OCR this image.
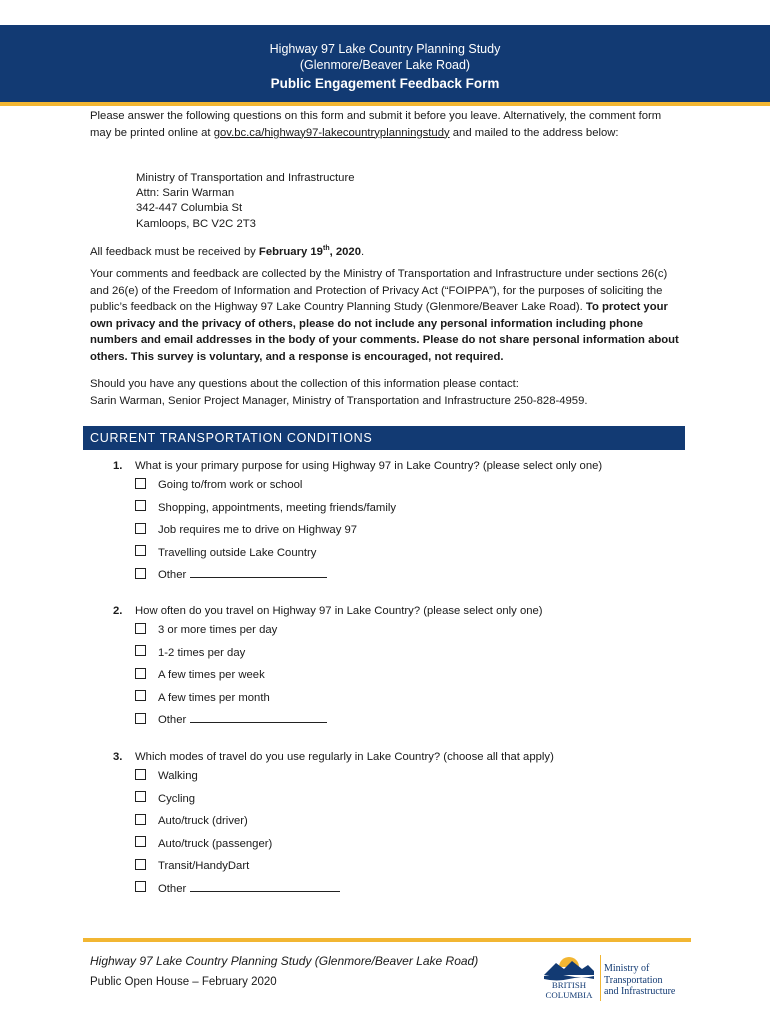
Highway 97 Lake Country Planning Study
(Glenmore/Beaver Lake Road)
Public Engagement Feedback Form
Please answer the following questions on this form and submit it before you leave. Alternatively, the comment form may be printed online at gov.bc.ca/highway97-lakecountryplanningstudy and mailed to the address below:
Ministry of Transportation and Infrastructure
Attn: Sarin Warman
342-447 Columbia St
Kamloops, BC V2C 2T3
All feedback must be received by February 19th, 2020.
Your comments and feedback are collected by the Ministry of Transportation and Infrastructure under sections 26(c) and 26(e) of the Freedom of Information and Protection of Privacy Act (“FOIPPA”), for the purposes of soliciting the public’s feedback on the Highway 97 Lake Country Planning Study (Glenmore/Beaver Lake Road). To protect your own privacy and the privacy of others, please do not include any personal information including phone numbers and email addresses in the body of your comments. Please do not share personal information about others. This survey is voluntary, and a response is encouraged, not required.
Should you have any questions about the collection of this information please contact:
Sarin Warman, Senior Project Manager, Ministry of Transportation and Infrastructure 250-828-4959.
CURRENT TRANSPORTATION CONDITIONS
1. What is your primary purpose for using Highway 97 in Lake Country? (please select only one)
Going to/from work or school
Shopping, appointments, meeting friends/family
Job requires me to drive on Highway 97
Travelling outside Lake Country
Other
2. How often do you travel on Highway 97 in Lake Country? (please select only one)
3 or more times per day
1-2 times per day
A few times per week
A few times per month
Other
3. Which modes of travel do you use regularly in Lake Country? (choose all that apply)
Walking
Cycling
Auto/truck (driver)
Auto/truck (passenger)
Transit/HandyDart
Other
Highway 97 Lake Country Planning Study (Glenmore/Beaver Lake Road)
Public Open House – February 2020	BRITISH
COLUMBIA
Ministry of
Transportation
and Infrastructure
